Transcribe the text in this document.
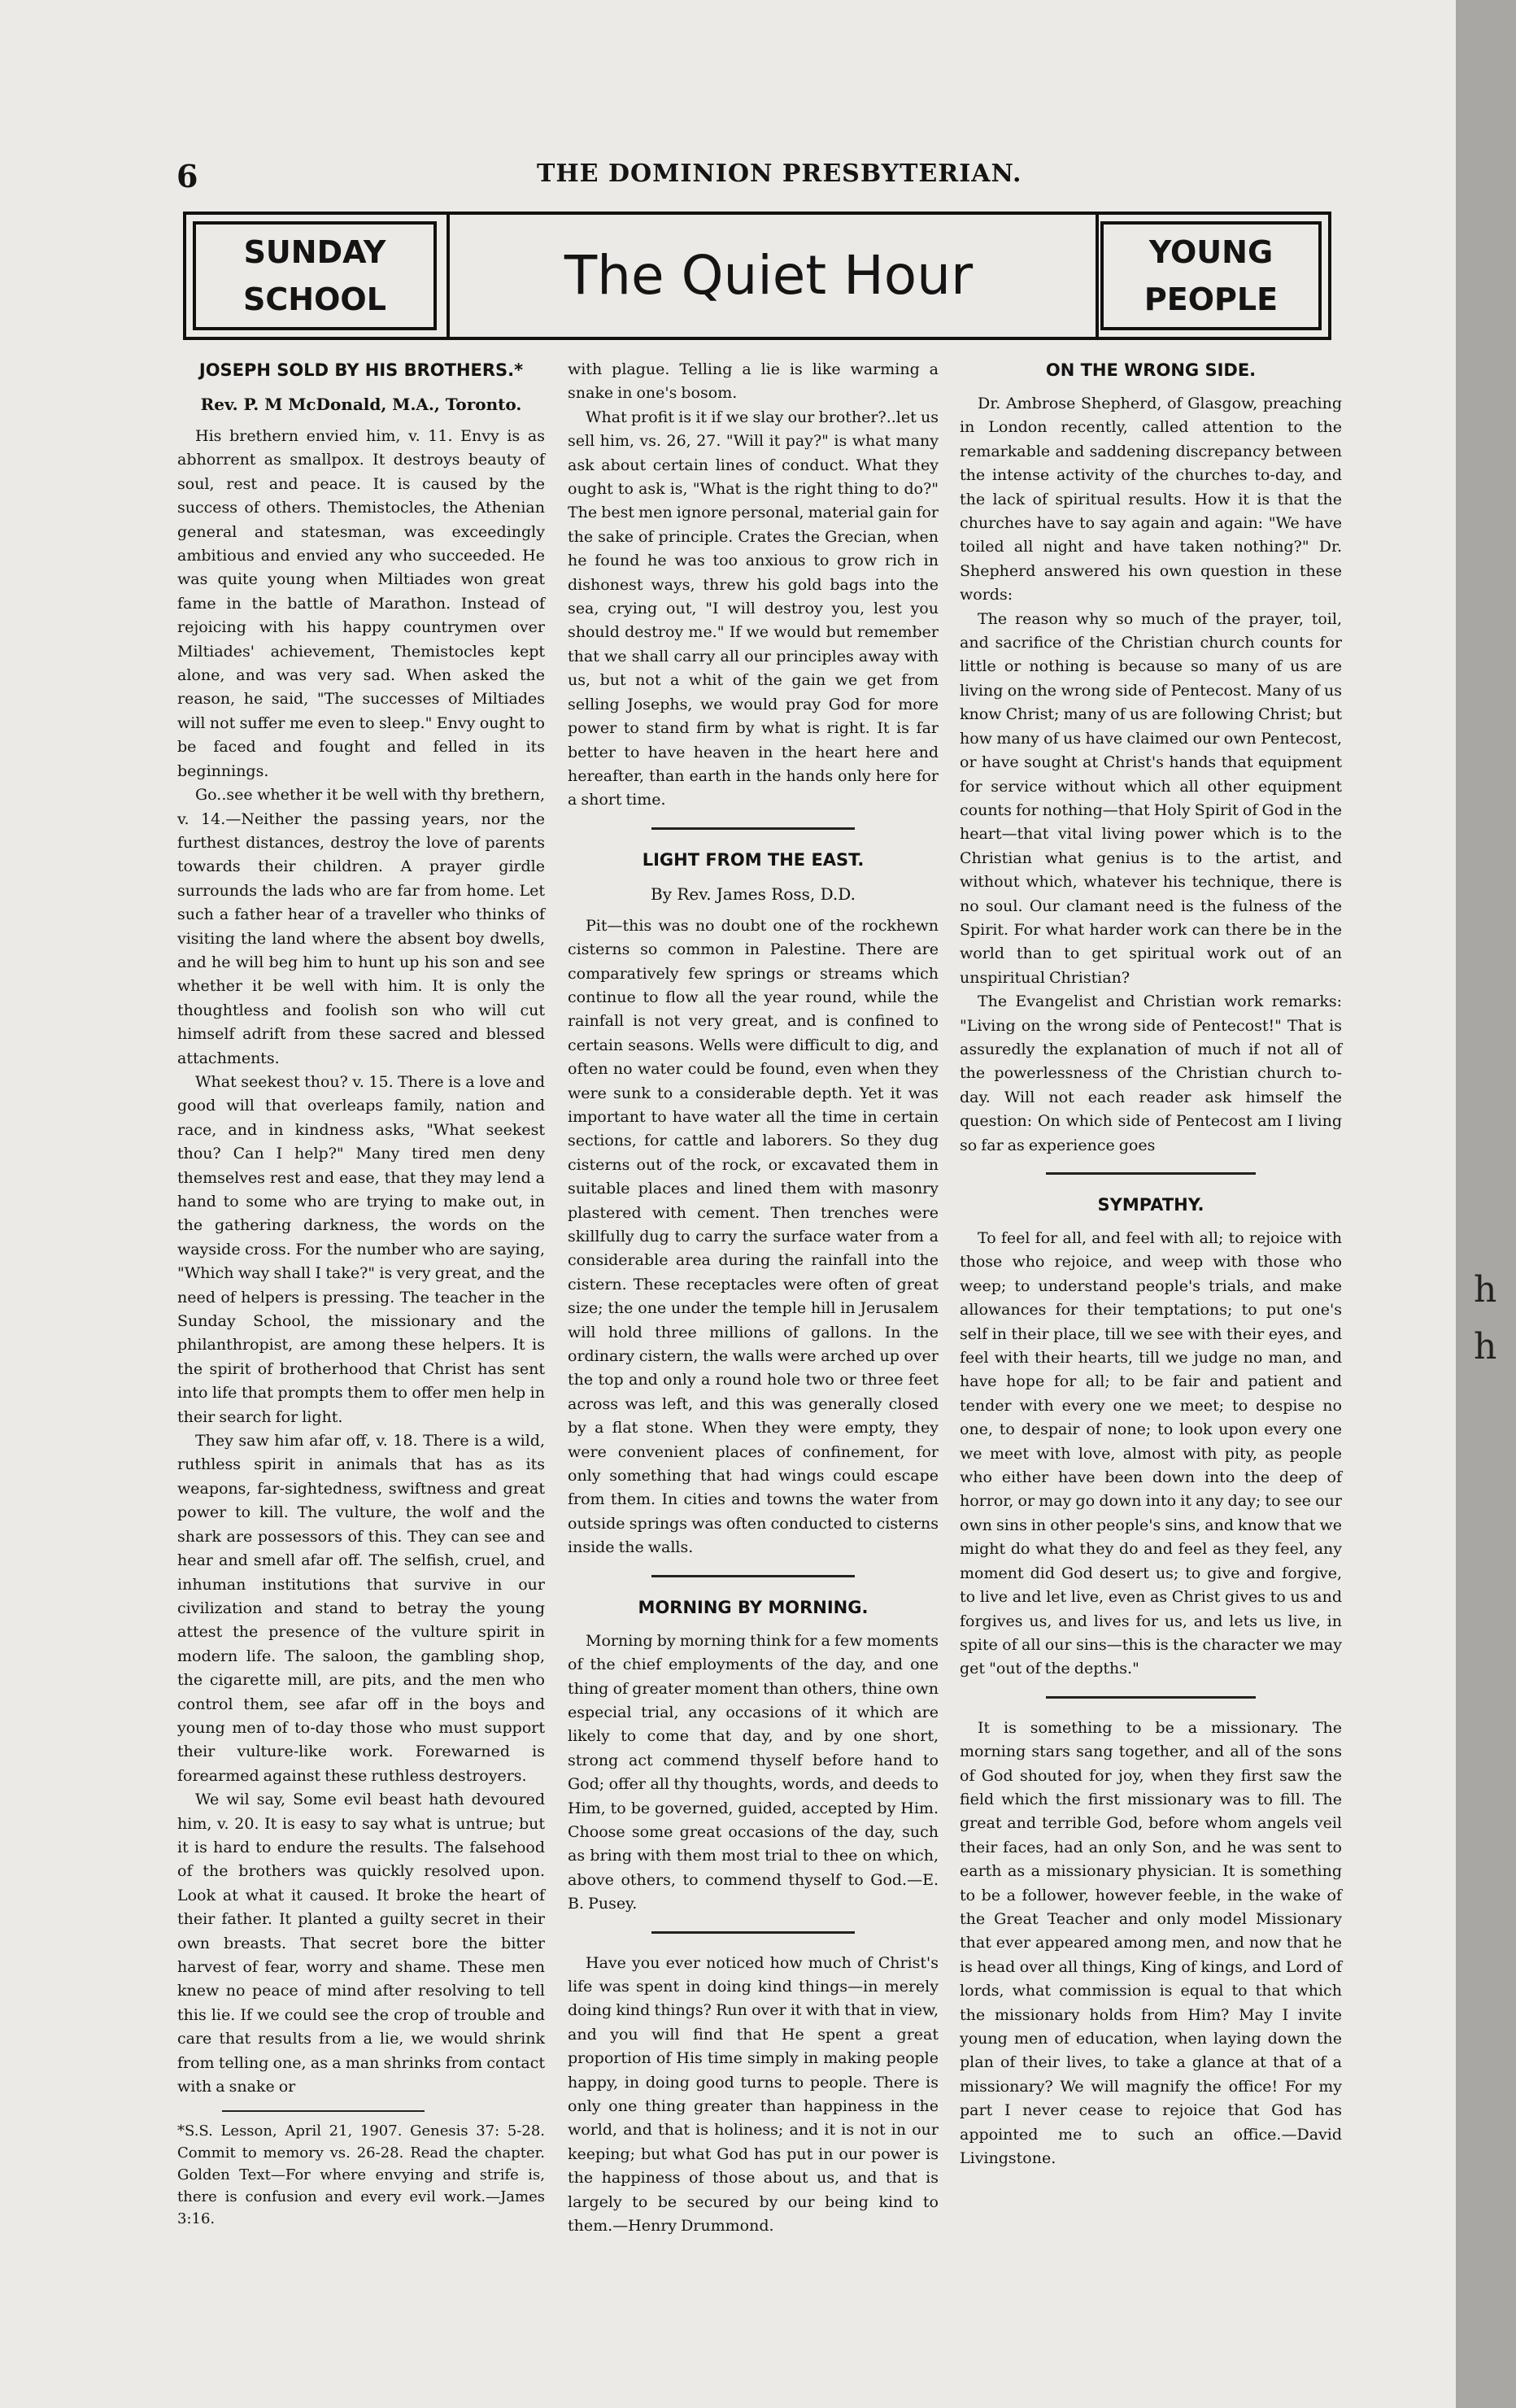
6	THE DOMINION PRESBYTERIAN.
SUNDAY
SCHOOL	The Quiet Hour	YOUNG
PEOPLE
JOSEPH SOLD BY HIS BROTHERS.*
Rev. P. M McDonald, M.A., Toronto.

His brethern envied him, v. 11. Envy is as abhorrent as smallpox. It destroys beauty of soul, rest and peace. It is caused by the success of others. Themistocles, the Athenian general and statesman, was exceedingly ambitious and envied any who succeeded. He was quite young when Miltiades won great fame in the battle of Marathon. Instead of rejoicing with his happy countrymen over Miltiades' achievement, Themistocles kept alone, and was very sad. When asked the reason, he said, "The successes of Miltiades will not suffer me even to sleep." Envy ought to be faced and fought and felled in its beginnings.

Go..see whether it be well with thy brethern, v. 14.—Neither the passing years, nor the furthest distances, destroy the love of parents towards their children. A prayer girdle surrounds the lads who are far from home. Let such a father hear of a traveller who thinks of visiting the land where the absent boy dwells, and he will beg him to hunt up his son and see whether it be well with him. It is only the thoughtless and foolish son who will cut himself adrift from these sacred and blessed attachments.

What seekest thou? v. 15. There is a love and good will that overleaps family, nation and race, and in kindness asks, "What seekest thou? Can I help?" Many tired men deny themselves rest and ease, that they may lend a hand to some who are trying to make out, in the gathering darkness, the words on the wayside cross. For the number who are saying, "Which way shall I take?" is very great, and the need of helpers is pressing. The teacher in the Sunday School, the missionary and the philanthropist, are among these helpers. It is the spirit of brotherhood that Christ has sent into life that prompts them to offer men help in their search for light.

They saw him afar off, v. 18. There is a wild, ruthless spirit in animals that has as its weapons, far-sightedness, swiftness and great power to kill. The vulture, the wolf and the shark are possessors of this. They can see and hear and smell afar off. The selfish, cruel, and inhuman institutions that survive in our civilization and stand to betray the young attest the presence of the vulture spirit in modern life. The saloon, the gambling shop, the cigarette mill, are pits, and the men who control them, see afar off in the boys and young men of to-day those who must support their vulture-like work. Forewarned is forearmed against these ruthless destroyers.

We wil say, Some evil beast hath devoured him, v. 20. It is easy to say what is untrue; but it is hard to endure the results. The falsehood of the brothers was quickly resolved upon. Look at what it caused. It broke the heart of their father. It planted a guilty secret in their own breasts. That secret bore the bitter harvest of fear, worry and shame. These men knew no peace of mind after resolving to tell this lie. If we could see the crop of trouble and care that results from a lie, we would shrink from telling one, as a man shrinks from contact with a snake or

*S.S. Lesson, April 21, 1907. Genesis 37: 5-28. Commit to memory vs. 26-28. Read the chapter. Golden Text—For where envying and strife is, there is confusion and every evil work.—James 3:16.

with plague. Telling a lie is like warming a snake in one's bosom.

What profit is it if we slay our brother?..let us sell him, vs. 26, 27. "Will it pay?" is what many ask about certain lines of conduct. What they ought to ask is, "What is the right thing to do?" The best men ignore personal, material gain for the sake of principle. Crates the Grecian, when he found he was too anxious to grow rich in dishonest ways, threw his gold bags into the sea, crying out, "I will destroy you, lest you should destroy me." If we would but remember that we shall carry all our principles away with us, but not a whit of the gain we get from selling Josephs, we would pray God for more power to stand firm by what is right. It is far better to have heaven in the heart here and hereafter, than earth in the hands only here for a short time.

LIGHT FROM THE EAST.
By Rev. James Ross, D.D.

Pit—this was no doubt one of the rockhewn cisterns so common in Palestine. There are comparatively few springs or streams which continue to flow all the year round, while the rainfall is not very great, and is confined to certain seasons. Wells were difficult to dig, and often no water could be found, even when they were sunk to a considerable depth. Yet it was important to have water all the time in certain sections, for cattle and laborers. So they dug cisterns out of the rock, or excavated them in suitable places and lined them with masonry plastered with cement. Then trenches were skillfully dug to carry the surface water from a considerable area during the rainfall into the cistern. These receptacles were often of great size; the one under the temple hill in Jerusalem will hold three millions of gallons. In the ordinary cistern, the walls were arched up over the top and only a round hole two or three feet across was left, and this was generally closed by a flat stone. When they were empty, they were convenient places of confinement, for only something that had wings could escape from them. In cities and towns the water from outside springs was often conducted to cisterns inside the walls.

MORNING BY MORNING.

Morning by morning think for a few moments of the chief employments of the day, and one thing of greater moment than others, thine own especial trial, any occasions of it which are likely to come that day, and by one short, strong act commend thyself before hand to God; offer all thy thoughts, words, and deeds to Him, to be governed, guided, accepted by Him. Choose some great occasions of the day, such as bring with them most trial to thee on which, above others, to commend thyself to God.—E. B. Pusey.

Have you ever noticed how much of Christ's life was spent in doing kind things—in merely doing kind things? Run over it with that in view, and you will find that He spent a great proportion of His time simply in making people happy, in doing good turns to people. There is only one thing greater than happiness in the world, and that is holiness; and it is not in our keeping; but what God has put in our power is the happiness of those about us, and that is largely to be secured by our being kind to them.—Henry Drummond.

ON THE WRONG SIDE.

Dr. Ambrose Shepherd, of Glasgow, preaching in London recently, called attention to the remarkable and saddening discrepancy between the intense activity of the churches to-day, and the lack of spiritual results. How it is that the churches have to say again and again: "We have toiled all night and have taken nothing?" Dr. Shepherd answered his own question in these words:

The reason why so much of the prayer, toil, and sacrifice of the Christian church counts for little or nothing is because so many of us are living on the wrong side of Pentecost. Many of us know Christ; many of us are following Christ; but how many of us have claimed our own Pentecost, or have sought at Christ's hands that equipment for service without which all other equipment counts for nothing—that Holy Spirit of God in the heart—that vital living power which is to the Christian what genius is to the artist, and without which, whatever his technique, there is no soul. Our clamant need is the fulness of the Spirit. For what harder work can there be in the world than to get spiritual work out of an unspiritual Christian?

The Evangelist and Christian work remarks: "Living on the wrong side of Pentecost!" That is assuredly the explanation of much if not all of the powerlessness of the Christian church to-day. Will not each reader ask himself the question: On which side of Pentecost am I living so far as experience goes

SYMPATHY.

To feel for all, and feel with all; to rejoice with those who rejoice, and weep with those who weep; to understand people's trials, and make allowances for their temptations; to put one's self in their place, till we see with their eyes, and feel with their hearts, till we judge no man, and have hope for all; to be fair and patient and tender with every one we meet; to despise no one, to despair of none; to look upon every one we meet with love, almost with pity, as people who either have been down into the deep of horror, or may go down into it any day; to see our own sins in other people's sins, and know that we might do what they do and feel as they feel, any moment did God desert us; to give and forgive, to live and let live, even as Christ gives to us and forgives us, and lives for us, and lets us live, in spite of all our sins—this is the character we may get "out of the depths."

It is something to be a missionary. The morning stars sang together, and all of the sons of God shouted for joy, when they first saw the field which the first missionary was to fill. The great and terrible God, before whom angels veil their faces, had an only Son, and he was sent to earth as a missionary physician. It is something to be a follower, however feeble, in the wake of the Great Teacher and only model Missionary that ever appeared among men, and now that he is head over all things, King of kings, and Lord of lords, what commission is equal to that which the missionary holds from Him? May I invite young men of education, when laying down the plan of their lives, to take a glance at that of a missionary? We will magnify the office! For my part I never cease to rejoice that God has appointed me to such an office.—David Livingstone.

h
h
